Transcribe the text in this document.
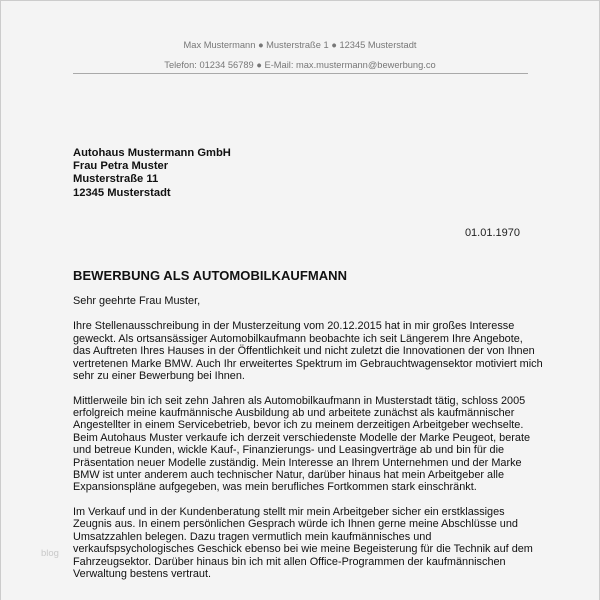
Max Mustermann ● Musterstraße 1 ● 12345 Musterstadt
Telefon: 01234 56789 ● E-Mail: max.mustermann@bewerbung.co
Autohaus Mustermann GmbH
Frau Petra Muster
Musterstraße 11
12345 Musterstadt
01.01.1970
BEWERBUNG ALS AUTOMOBILKAUFMANN

Sehr geehrte Frau Muster,

Ihre Stellenausschreibung in der Musterzeitung vom 20.12.2015 hat in mir großes Interesse geweckt. Als ortsansässiger Automobilkaufmann beobachte ich seit Längerem Ihre Angebote, das Auftreten Ihres Hauses in der Öffentlichkeit und nicht zuletzt die Innovationen der von Ihnen vertretenen Marke BMW. Auch Ihr erweitertes Spektrum im Gebrauchtwagensektor motiviert mich sehr zu einer Bewerbung bei Ihnen.

Mittlerweile bin ich seit zehn Jahren als Automobilkaufmann in Musterstadt tätig, schloss 2005 erfolgreich meine kaufmännische Ausbildung ab und arbeitete zunächst als kaufmännischer Angestellter in einem Servicebetrieb, bevor ich zu meinem derzeitigen Arbeitgeber wechselte. Beim Autohaus Muster verkaufe ich derzeit verschiedenste Modelle der Marke Peugeot, berate und betreue Kunden, wickle Kauf-, Finanzierungs- und Leasingverträge ab und bin für die Präsentation neuer Modelle zuständig. Mein Interesse an Ihrem Unternehmen und der Marke BMW ist unter anderem auch technischer Natur, darüber hinaus hat mein Arbeitgeber alle Expansionspläne aufgegeben, was mein berufliches Fortkommen stark einschränkt.

Im Verkauf und in der Kundenberatung stellt mir mein Arbeitgeber sicher ein erstklassiges Zeugnis aus. In einem persönlichen Gesprach würde ich Ihnen gerne meine Abschlüsse und Umsatzzahlen belegen. Dazu tragen vermutlich mein kaufmännisches und verkaufspsychologisches Geschick ebenso bei wie meine Begeisterung für die Technik auf dem Fahrzeugsektor. Darüber hinaus bin ich mit allen Office-Programmen der kaufmännischen Verwaltung bestens vertraut.

blog
